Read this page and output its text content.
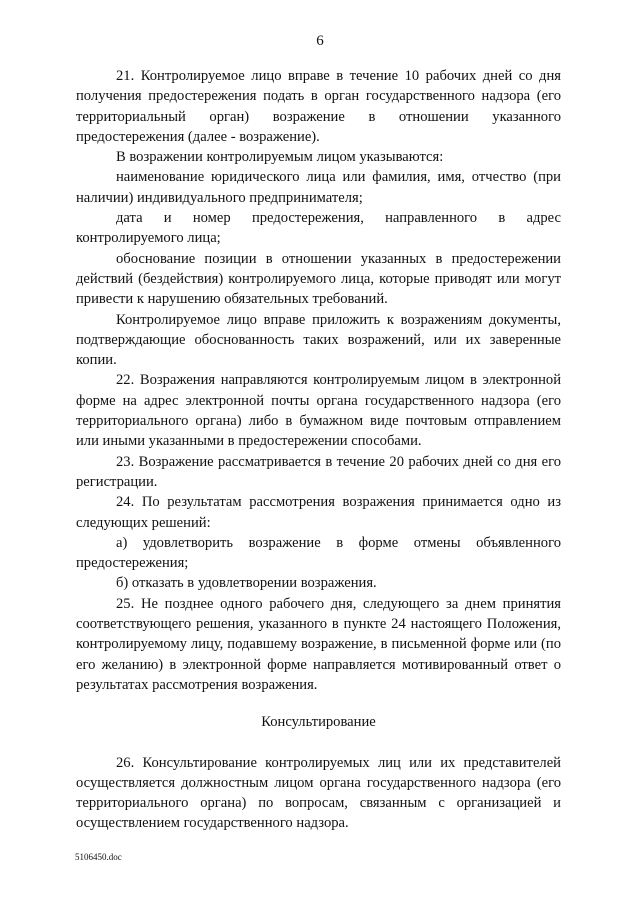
6

21. Контролируемое лицо вправе в течение 10 рабочих дней со дня получения предостережения подать в орган государственного надзора (его территориальный орган) возражение в отношении указанного предостережения (далее - возражение).

В возражении контролируемым лицом указываются:

наименование юридического лица или фамилия, имя, отчество (при наличии) индивидуального предпринимателя;

дата и номер предостережения, направленного в адрес контролируемого лица;

обоснование позиции в отношении указанных в предостережении действий (бездействия) контролируемого лица, которые приводят или могут привести к нарушению обязательных требований.

Контролируемое лицо вправе приложить к возражениям документы, подтверждающие обоснованность таких возражений, или их заверенные копии.

22. Возражения направляются контролируемым лицом в электронной форме на адрес электронной почты органа государственного надзора (его территориального органа) либо в бумажном виде почтовым отправлением или иными указанными в предостережении способами.

23. Возражение рассматривается в течение 20 рабочих дней со дня его регистрации.

24. По результатам рассмотрения возражения принимается одно из следующих решений:

а) удовлетворить возражение в форме отмены объявленного предостережения;

б) отказать в удовлетворении возражения.

25. Не позднее одного рабочего дня, следующего за днем принятия соответствующего решения, указанного в пункте 24 настоящего Положения, контролируемому лицу, подавшему возражение, в письменной форме или (по его желанию) в электронной форме направляется мотивированный ответ о результатах рассмотрения возражения.

Консультирование

26. Консультирование контролируемых лиц или их представителей осуществляется должностным лицом органа государственного надзора (его территориального органа) по вопросам, связанным с организацией и осуществлением государственного надзора.

5106450.doc
